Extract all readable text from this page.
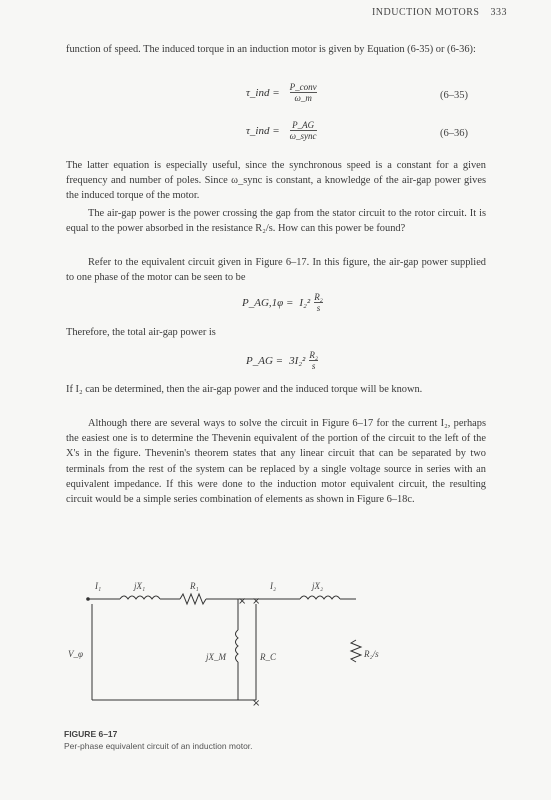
INDUCTION MOTORS 333

function of speed. The induced torque in an induction motor is given by Equation (6-35) or (6-36):

τ_ind = $\frac{\text{P\_conv}}{\omega\_m}$	(6–35)
τ_ind = $\frac{P\_AG}{\text{ω\_sync}}$	(6–36)

The latter equation is especially useful, since the synchronous speed is a constant for a given frequency and number of poles. Since ω_sync is constant, a knowledge of the air-gap power gives the induced torque of the motor.

The air-gap power is the power crossing the gap from the stator circuit to the rotor circuit. It is equal to the power absorbed in the resistance R₂/s. How can this power be found?

Refer to the equivalent circuit given in Figure 6–17. In this figure, the air-gap power supplied to one phase of the motor can be seen to be

P_AG,1φ = $I_2^2 \frac{\text{R₂}}{s}$

Therefore, the total air-gap power is

P_AG = $3I_2^2 \frac{\text{R₂}}{s}$

If I₂ can be determined, then the air-gap power and the induced torque will be known.

Although there are several ways to solve the circuit in Figure 6–17 for the current I₂, perhaps the easiest one is to determine the Thevenin equivalent of the portion of the circuit to the left of the X's in the figure. Thevenin's theorem states that any linear circuit that can be separated by two terminals from the rest of the system can be replaced by a single voltage source in series with an equivalent impedance. If this were done to the induction motor equivalent circuit, the resulting circuit would be a simple series combination of elements as shown in Figure 6–18c.

× ×
×
I₁	jX₁	R₁	I₂	jX₂
V_φ	jX_M	R_C	R₂/s
FIGURE 6–17
Per-phase equivalent circuit of an induction motor.
